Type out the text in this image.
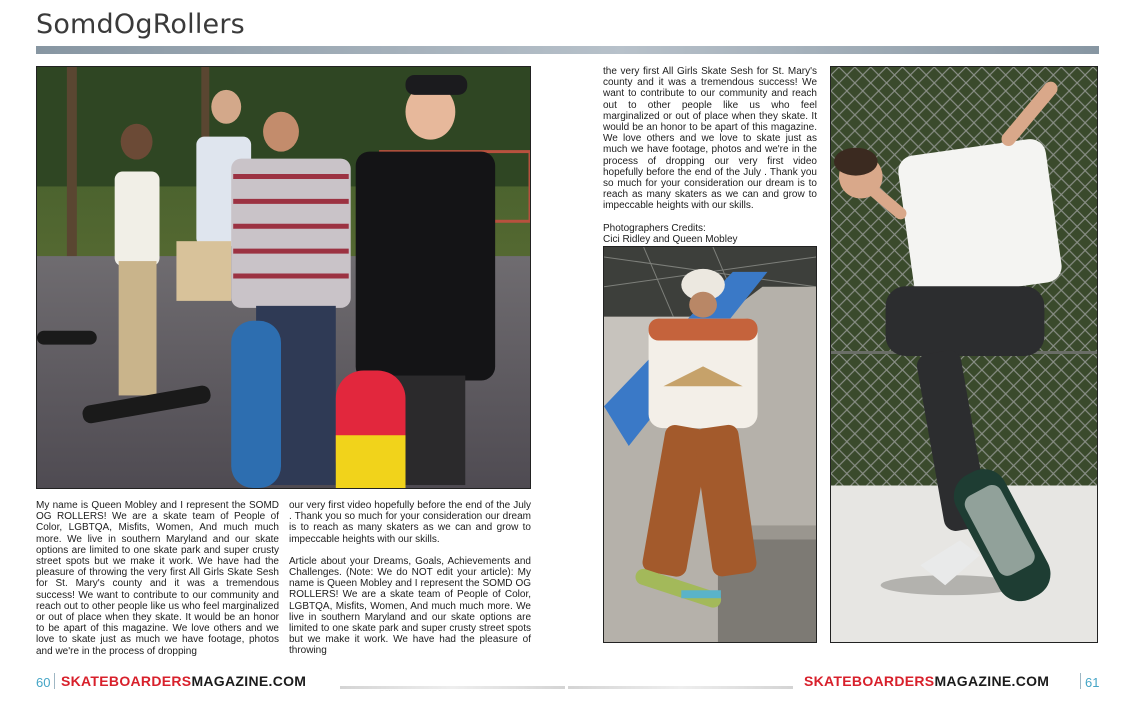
SomdOgRollers

My name is Queen Mobley and I represent the SOMD OG ROLLERS! We are a skate team of People of Color, LGBTQA, Misfits, Women, And much much more. We live in southern Maryland and our skate options are limited to one skate park and super crusty street spots but we make it work. We have had the pleasure of throwing the very first All Girls Skate Sesh for St. Mary's county and it was a tremendous success! We want to contribute to our community and reach out to other people like us who feel marginalized or out of place when they skate. It would be an honor to be apart of this magazine. We love others and we love to skate just as much we have footage, photos and we're in the process of dropping

our very first video hopefully before the end of the July . Thank you so much for your consideration our dream is to reach as many skaters as we can and grow to impeccable heights with our skills.

Article about your Dreams, Goals, Achievements and Challenges. (Note: We do NOT edit your article): My name is Queen Mobley and I represent the SOMD OG ROLLERS! We are a skate team of People of Color, LGBTQA, Misfits, Women, And much much more. We live in southern Maryland and our skate options are limited to one skate park and super crusty street spots but we make it work. We have had the pleasure of throwing

the very first All Girls Skate Sesh for St. Mary's county and it was a tremendous success! We want to contribute to our community and reach out to other people like us who feel marginalized or out of place when they skate. It would be an honor to be apart of this magazine. We love others and we love to skate just as much we have footage, photos and we're in the process of dropping our very first video hopefully before the end of the July . Thank you so much for your consideration our dream is to reach as many skaters as we can and grow to impeccable heights with our skills.

Photographers Credits:
Cici Ridley and Queen Mobley
60 SKATEBOARDERSMAGAZINE.COM	SKATEBOARDERSMAGAZINE.COM	61
